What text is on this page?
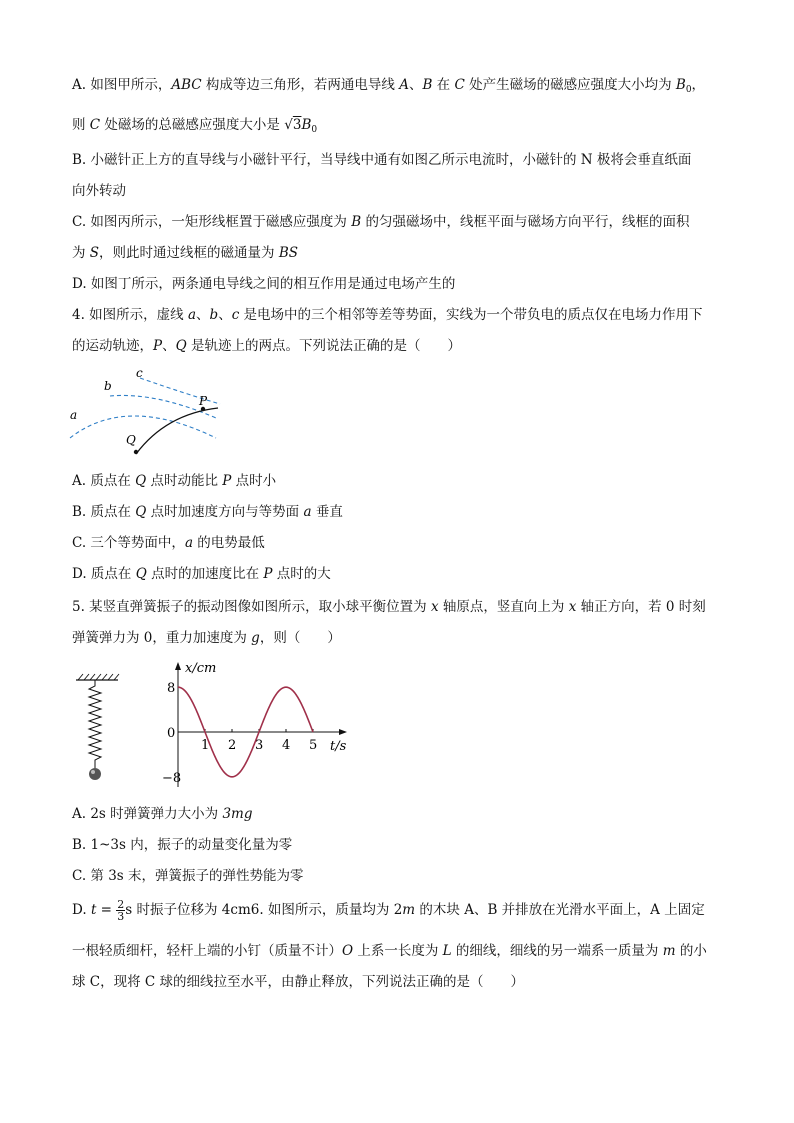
A. 如图甲所示，ABC 构成等边三角形，若两通电导线 A、B 在 C 处产生磁场的磁感应强度大小均为 $B_0$，
则 C 处磁场的总磁感应强度大小是 $√3B_0$
B. 小磁针正上方的直导线与小磁针平行，当导线中通有如图乙所示电流时，小磁针的 N 极将会垂直纸面
向外转动
C. 如图丙所示，一矩形线框置于磁感应强度为 B 的匀强磁场中，线框平面与磁场方向平行，线框的面积
为 S，则此时通过线框的磁通量为 BS
D. 如图丁所示，两条通电导线之间的相互作用是通过电场产生的
4. 如图所示，虚线 a、b、c 是电场中的三个相邻等差等势面，实线为一个带负电的质点仅在电场力作用下
的运动轨迹，P、Q 是轨迹上的两点。下列说法正确的是（　　）
a
b
c
P
Q
A. 质点在 Q 点时动能比 P 点时小
B. 质点在 Q 点时加速度方向与等势面 a 垂直
C. 三个等势面中，a 的电势最低
D. 质点在 Q 点时的加速度比在 P 点时的大
5. 某竖直弹簧振子的振动图像如图所示，取小球平衡位置为 x 轴原点，竖直向上为 x 轴正方向，若 0 时刻
弹簧弹力为 0，重力加速度为 g，则（　　）
x/cm
t/s
1 2 3 4 5
8
0
−8
A. 2s 时弹簧弹力大小为 3mg
B. 1~3s 内，振子的动量变化量为零
C. 第 3s 末，弹簧振子的弹性势能为零
D. $t = \frac{2}{3}$ s 时振子位移为 4cm6. 如图所示，质量均为 2m 的木块 A、B 并排放在光滑水平面上，A 上固定
一根轻质细杆，轻杆上端的小钉（质量不计）O 上系一长度为 L 的细线，细线的另一端系一质量为 m 的小
球 C，现将 C 球的细线拉至水平，由静止释放，下列说法正确的是（　　）
